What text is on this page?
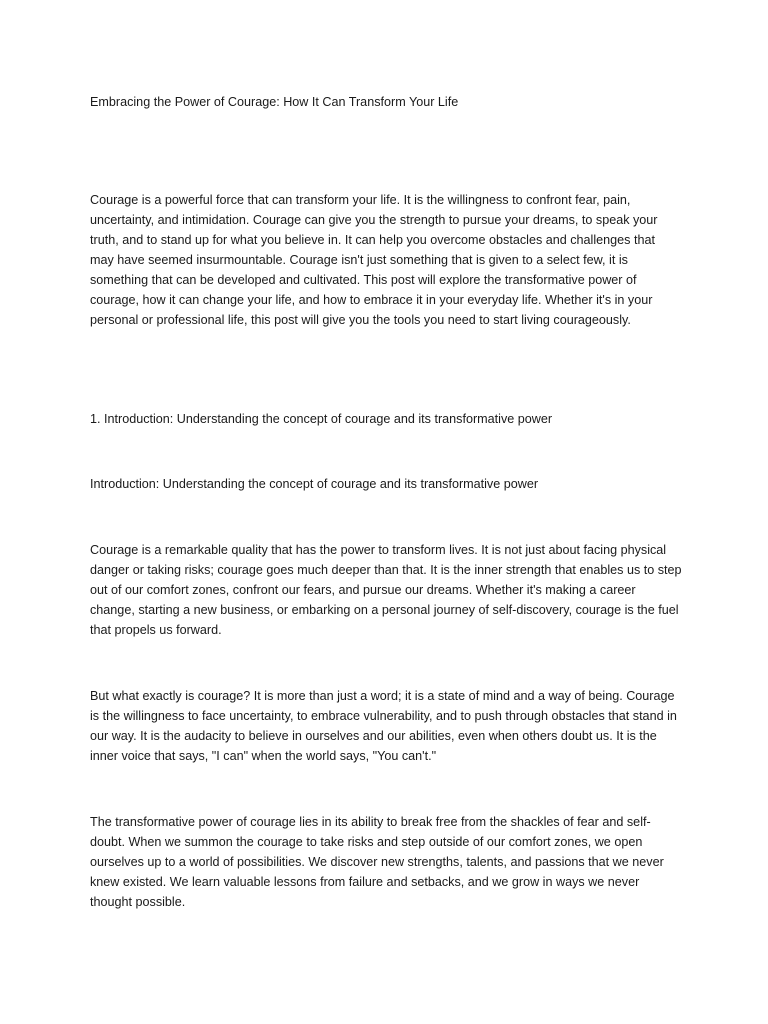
Embracing the Power of Courage: How It Can Transform Your Life

Courage is a powerful force that can transform your life. It is the willingness to confront fear, pain, uncertainty, and intimidation. Courage can give you the strength to pursue your dreams, to speak your truth, and to stand up for what you believe in. It can help you overcome obstacles and challenges that may have seemed insurmountable. Courage isn't just something that is given to a select few, it is something that can be developed and cultivated. This post will explore the transformative power of courage, how it can change your life, and how to embrace it in your everyday life. Whether it's in your personal or professional life, this post will give you the tools you need to start living courageously.

1. Introduction: Understanding the concept of courage and its transformative power

Introduction: Understanding the concept of courage and its transformative power

Courage is a remarkable quality that has the power to transform lives. It is not just about facing physical danger or taking risks; courage goes much deeper than that. It is the inner strength that enables us to step out of our comfort zones, confront our fears, and pursue our dreams. Whether it's making a career change, starting a new business, or embarking on a personal journey of self-discovery, courage is the fuel that propels us forward.

But what exactly is courage? It is more than just a word; it is a state of mind and a way of being. Courage is the willingness to face uncertainty, to embrace vulnerability, and to push through obstacles that stand in our way. It is the audacity to believe in ourselves and our abilities, even when others doubt us. It is the inner voice that says, "I can" when the world says, "You can't."

The transformative power of courage lies in its ability to break free from the shackles of fear and self-doubt. When we summon the courage to take risks and step outside of our comfort zones, we open ourselves up to a world of possibilities. We discover new strengths, talents, and passions that we never knew existed. We learn valuable lessons from failure and setbacks, and we grow in ways we never thought possible.
